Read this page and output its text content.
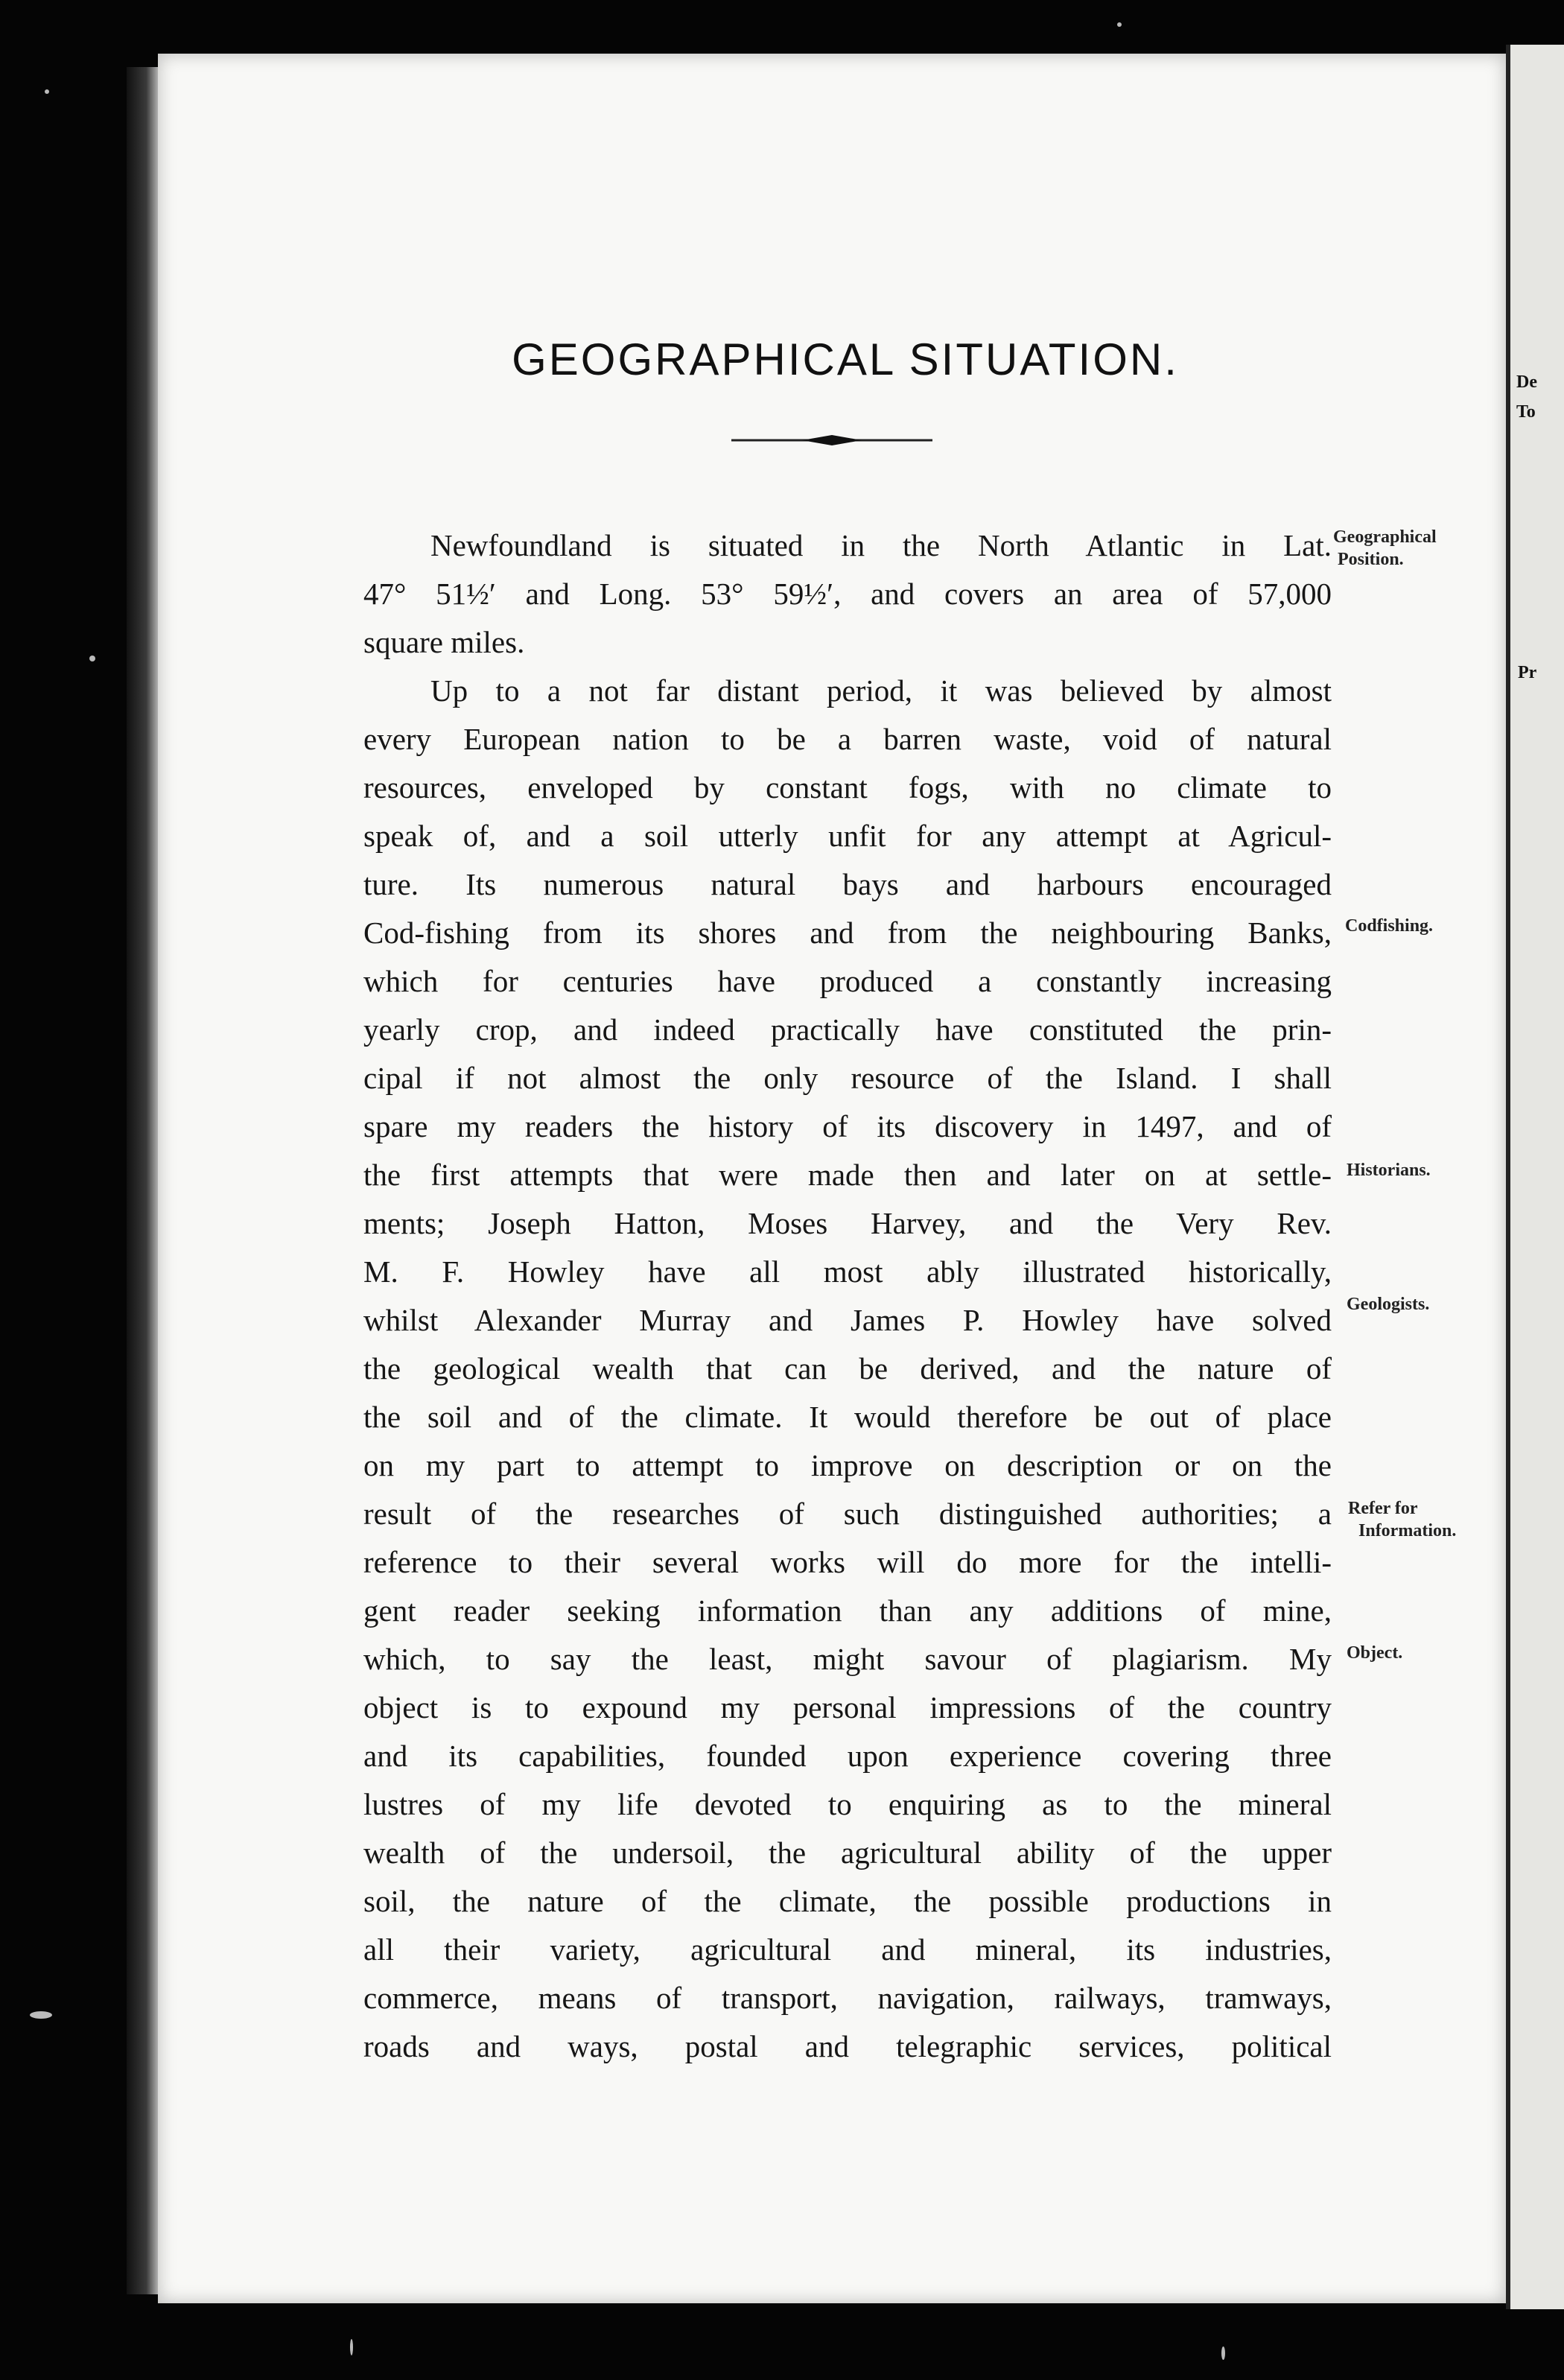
De
To
Pr
GEOGRAPHICAL SITUATION.
Newfoundland is situated in the North Atlantic in Lat.
47° 51½′ and Long. 53° 59½′, and covers an area of 57,000
square miles.
Up to a not far distant period, it was believed by almost
every European nation to be a barren waste, void of natural
resources, enveloped by constant fogs, with no climate to
speak of, and a soil utterly unfit for any attempt at Agricul-
ture. Its numerous natural bays and harbours encouraged
Cod-fishing from its shores and from the neighbouring Banks,
which for centuries have produced a constantly increasing
yearly crop, and indeed practically have constituted the prin-
cipal if not almost the only resource of the Island. I shall
spare my readers the history of its discovery in 1497, and of
the first attempts that were made then and later on at settle-
ments; Joseph Hatton, Moses Harvey, and the Very Rev.
M. F. Howley have all most ably illustrated historically,
whilst Alexander Murray and James P. Howley have solved
the geological wealth that can be derived, and the nature of
the soil and of the climate. It would therefore be out of place
on my part to attempt to improve on description or on the
result of the researches of such distinguished authorities; a
reference to their several works will do more for the intelli-
gent reader seeking information than any additions of mine,
which, to say the least, might savour of plagiarism. My
object is to expound my personal impressions of the country
and its capabilities, founded upon experience covering three
lustres of my life devoted to enquiring as to the mineral
wealth of the undersoil, the agricultural ability of the upper
soil, the nature of the climate, the possible productions in
all their variety, agricultural and mineral, its industries,
commerce, means of transport, navigation, railways, tramways,
roads and ways, postal and telegraphic services, political

Geographical
Position.

Codfishing.

Historians.

Geologists.

Refer for
Information.

Object.
